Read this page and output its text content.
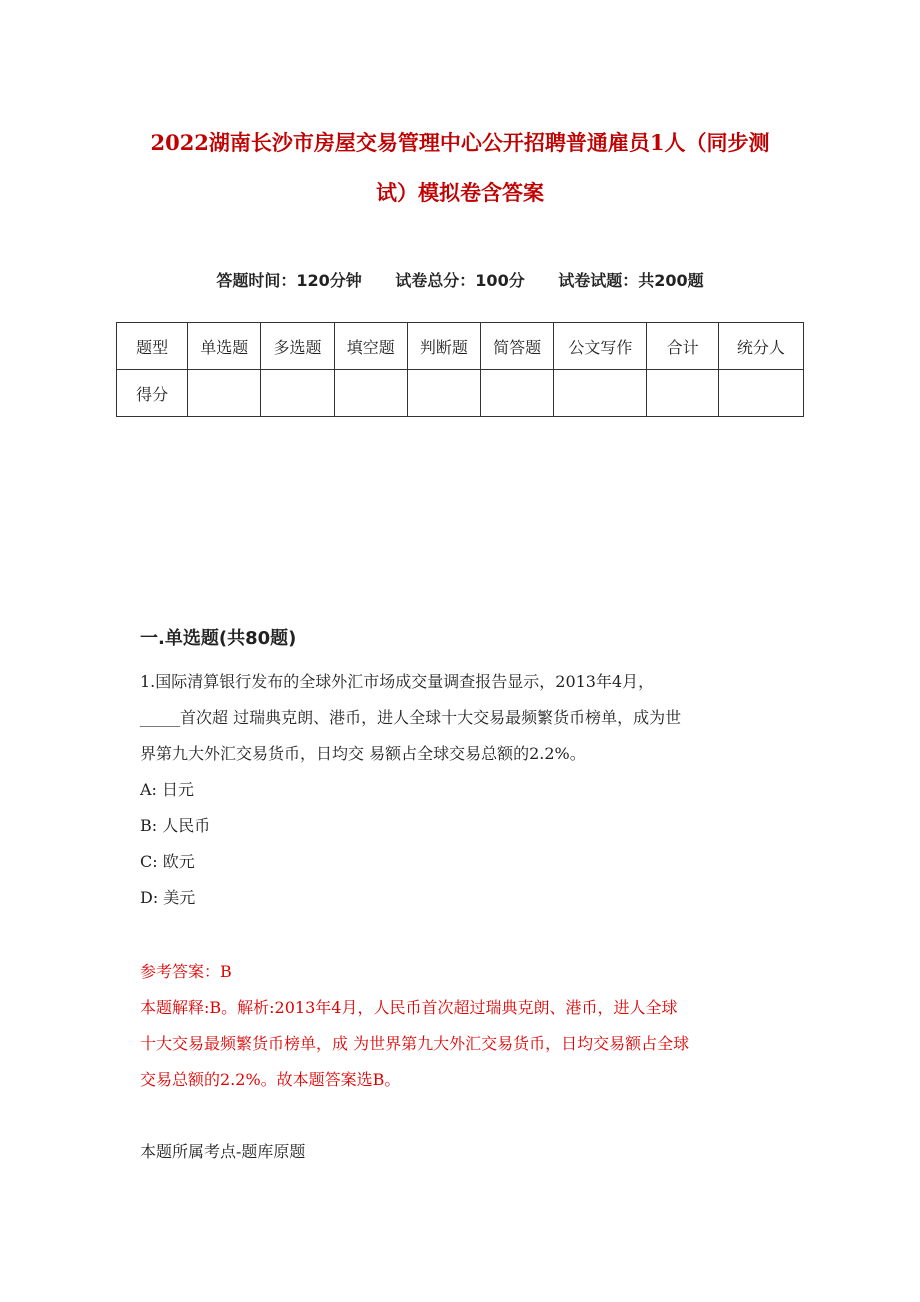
2022湖南长沙市房屋交易管理中心公开招聘普通雇员1人（同步测
试）模拟卷含答案
答题时间：120分钟 试卷总分：100分 试卷试题：共200题
题型	单选题	多选题	填空题	判断题	简答题	公文写作	合计	统分人
得分								
一.单选题(共80题)

1.国际清算银行发布的全球外汇市场成交量调查报告显示，2013年4月，

_____首次超 过瑞典克朗、港币，进人全球十大交易最频繁货币榜单，成为世

界第九大外汇交易货币，日均交 易额占全球交易总额的2.2%。

A: 日元
B: 人民币
C: 欧元
D: 美元

参考答案：B

本题解释:B。解析:2013年4月，人民币首次超过瑞典克朗、港币，进人全球

十大交易最频繁货币榜单，成 为世界第九大外汇交易货币，日均交易额占全球

交易总额的2.2%。故本题答案选B。

本题所属考点-题库原题
